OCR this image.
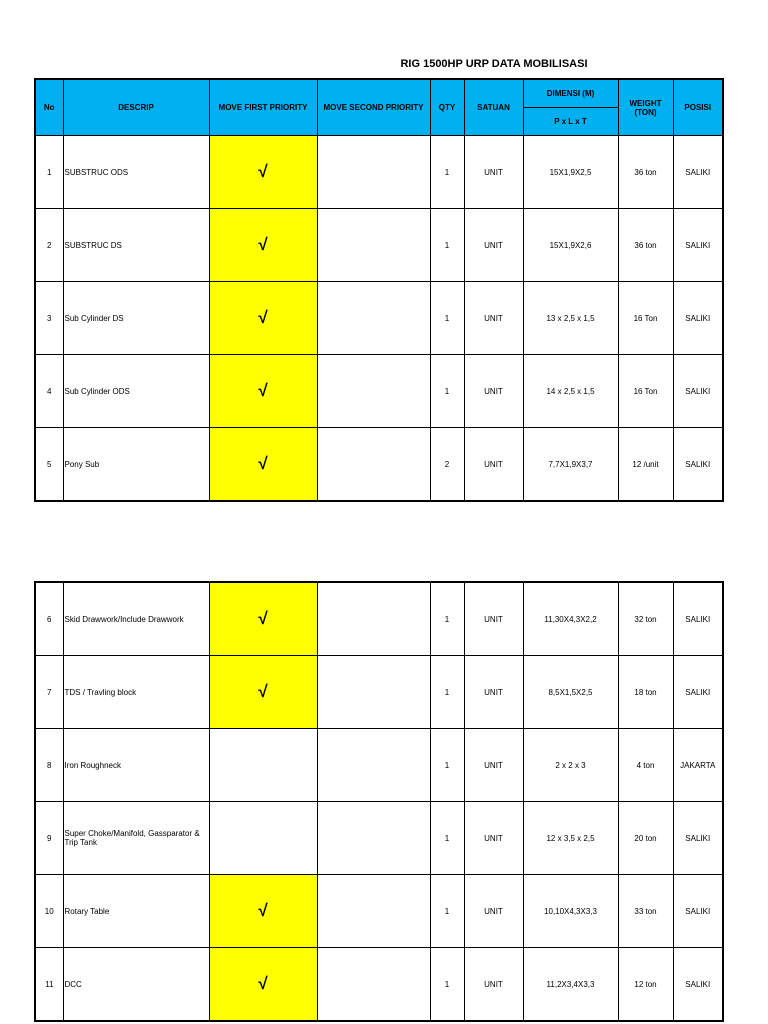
RIG 1500HP URP DATA MOBILISASI
No	DESCRIP	MOVE FIRST PRIORITY	MOVE SECOND PRIORITY	QTY	SATUAN	DIMENSI (M)	WEIGHT (TON)	POSISI
						P x L x T		
1	SUBSTRUC ODS	√		1	UNIT	15X1,9X2,5	36 ton	SALIKI
2	SUBSTRUC DS	√		1	UNIT	15X1,9X2,6	36 ton	SALIKI
3	Sub Cylinder DS	√		1	UNIT	13 x 2,5 x 1,5	16 Ton	SALIKI
4	Sub Cylinder ODS	√		1	UNIT	14 x 2,5 x 1,5	16 Ton	SALIKI
5	Pony Sub	√		2	UNIT	7,7X1,9X3,7	12 /unit	SALIKI
6	Skid Drawwork/Include Drawwork	√		1	UNIT	11,30X4,3X2,2	32 ton	SALIKI
7	TDS / Travling block	√		1	UNIT	8,5X1,5X2,5	18 ton	SALIKI
8	Iron Roughneck			1	UNIT	2 x 2 x 3	4 ton	JAKARTA
9	Super Choke/Manifold, Gassparator & Trip Tank			1	UNIT	12 x 3,5 x 2,5	20 ton	SALIKI
10	Rotary Table	√		1	UNIT	10,10X4,3X3,3	33 ton	SALIKI
11	DCC	√		1	UNIT	11,2X3,4X3,3	12 ton	SALIKI
